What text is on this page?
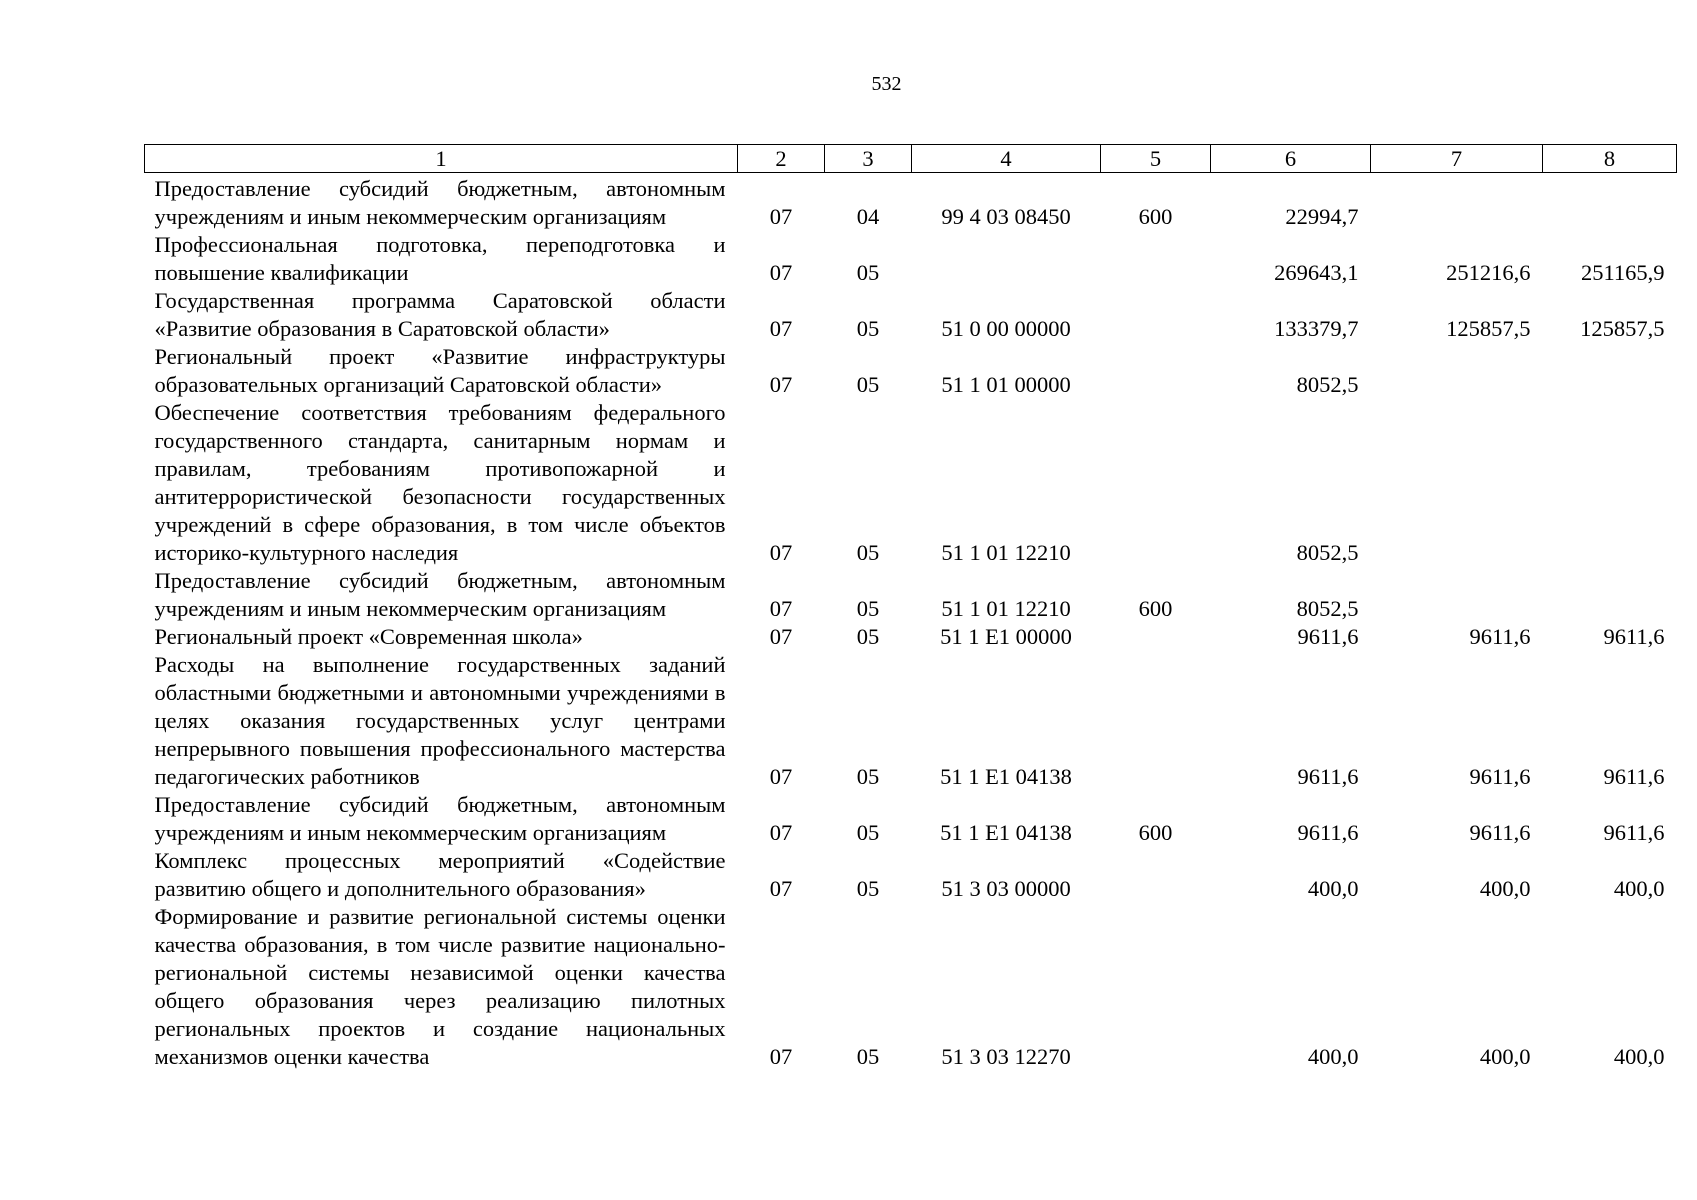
532
1	2	3	4	5	6	7	8
Предоставление субсидий бюджетным, автономным учреждениям и иным некоммерческим организациям	07	04	99 4 03 08450	600	22994,7		
Профессиональная подготовка, переподготовка и повышение квалификации	07	05			269643,1	251216,6	251165,9
Государственная программа Саратовской области «Развитие образования в Саратовской области»	07	05	51 0 00 00000		133379,7	125857,5	125857,5
Региональный проект «Развитие инфраструктуры образовательных организаций Саратовской области»	07	05	51 1 01 00000		8052,5		
Обеспечение соответствия требованиям федерального государственного стандарта, санитарным нормам и правилам, требованиям противопожарной и антитеррористической безопасности государственных учреждений в сфере образования, в том числе объектов историко-культурного наследия	07	05	51 1 01 12210		8052,5		
Предоставление субсидий бюджетным, автономным учреждениям и иным некоммерческим организациям	07	05	51 1 01 12210	600	8052,5		
Региональный проект «Современная школа»	07	05	51 1 E1 00000		9611,6	9611,6	9611,6
Расходы на выполнение государственных заданий областными бюджетными и автономными учреждениями в целях оказания государственных услуг центрами непрерывного повышения профессионального мастерства педагогических работников	07	05	51 1 E1 04138		9611,6	9611,6	9611,6
Предоставление субсидий бюджетным, автономным учреждениям и иным некоммерческим организациям	07	05	51 1 E1 04138	600	9611,6	9611,6	9611,6
Комплекс процессных мероприятий «Содействие развитию общего и дополнительного образования»	07	05	51 3 03 00000		400,0	400,0	400,0
Формирование и развитие региональной системы оценки качества образования, в том числе развитие национально-региональной системы независимой оценки качества общего образования через реализацию пилотных региональных проектов и создание национальных механизмов оценки качества	07	05	51 3 03 12270		400,0	400,0	400,0
